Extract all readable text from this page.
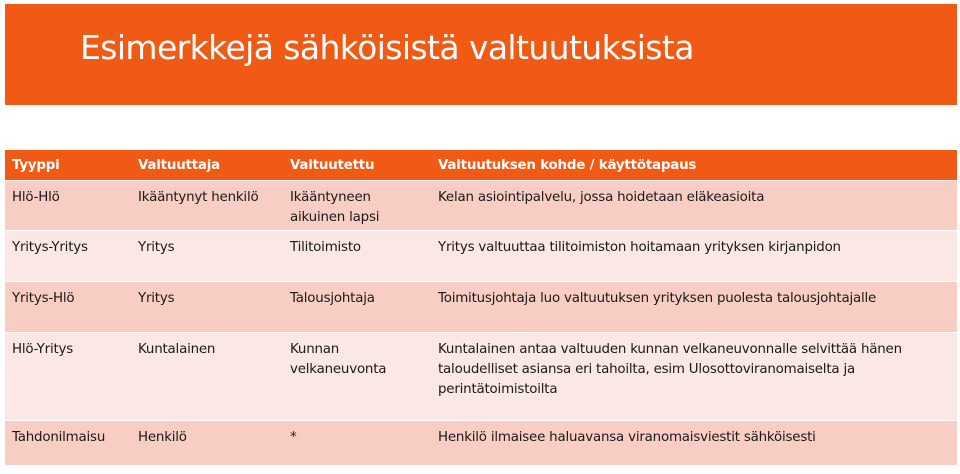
Esimerkkejä sähköisistä valtuutuksista
Tyyppi	Valtuuttaja	Valtuutettu	Valtuutuksen kohde / käyttötapaus
Hlö-Hlö	Ikääntynyt henkilö	Ikääntyneen aikuinen lapsi	Kelan asiointipalvelu, jossa hoidetaan eläkeasioita
Yritys-Yritys	Yritys	Tilitoimisto	Yritys valtuuttaa tilitoimiston hoitamaan yrityksen kirjanpidon
Yritys-Hlö	Yritys	Talousjohtaja	Toimitusjohtaja luo valtuutuksen yrityksen puolesta talousjohtajalle
Hlö-Yritys	Kuntalainen	Kunnan velkaneuvonta	Kuntalainen antaa valtuuden kunnan velkaneuvonnalle selvittää hänen taloudelliset asiansa eri tahoilta, esim Ulosottoviranomaiselta ja perintätoimistoilta
Tahdonilmaisu	Henkilö	*	Henkilö ilmaisee haluavansa viranomaisviestit sähköisesti
